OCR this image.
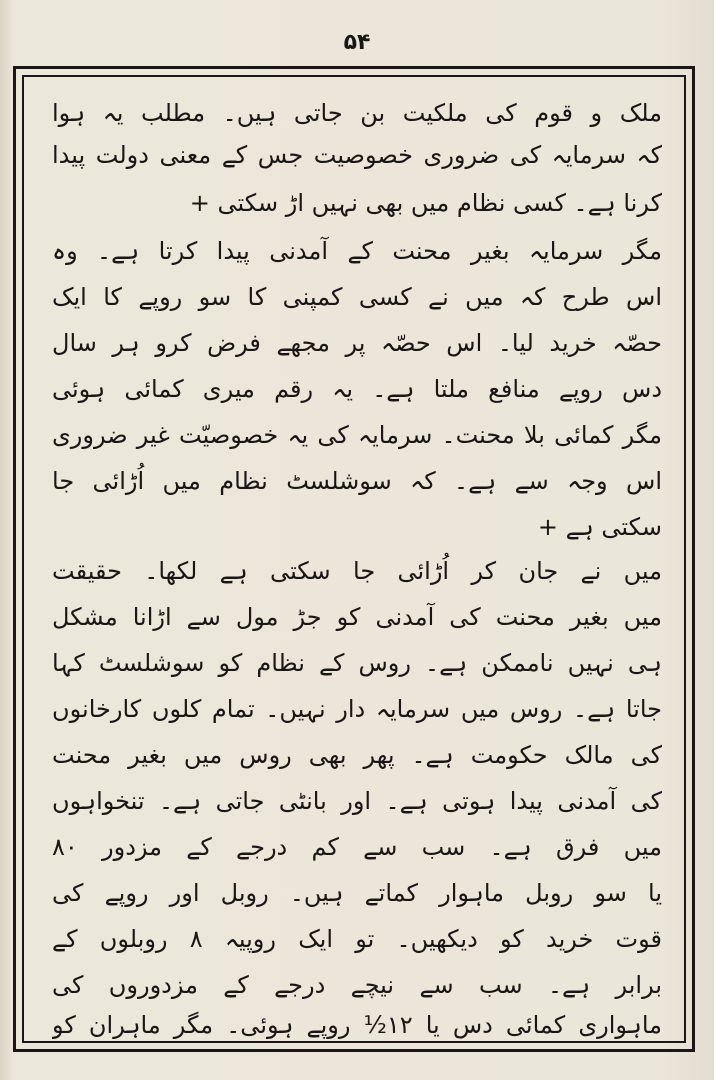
۵۴
ملک و قوم کی ملکیت بن جاتی ہیں۔ مطلب یہ ہوا
کہ سرمایہ کی ضروری خصوصیت جس کے معنی دولت پیدا
کرنا ہے۔ کسی نظام میں بھی نہیں اڑ سکتی +
مگر سرمایہ بغیر محنت کے آمدنی پیدا کرتا ہے۔ وہ
اس طرح کہ میں نے کسی کمپنی کا سو روپے کا ایک
حصّہ خرید لیا۔ اس حصّہ پر مجھے فرض کرو ہر سال
دس روپے منافع ملتا ہے۔ یہ رقم میری کمائی ہوئی
مگر کمائی بلا محنت۔ سرمایہ کی یہ خصوصیّت غیر ضروری
اس وجہ سے ہے۔ کہ سوشلسٹ نظام میں اُڑائی جا
سکتی ہے +
میں نے جان کر اُڑائی جا سکتی ہے لکھا۔ حقیقت
میں بغیر محنت کی آمدنی کو جڑ مول سے اڑانا مشکل
ہی نہیں ناممکن ہے۔ روس کے نظام کو سوشلسٹ کہا
جاتا ہے۔ روس میں سرمایہ دار نہیں۔ تمام کلوں کارخانوں
کی مالک حکومت ہے۔ پھر بھی روس میں بغیر محنت
کی آمدنی پیدا ہوتی ہے۔ اور بانٹی جاتی ہے۔ تنخواہوں
میں فرق ہے۔ سب سے کم درجے کے مزدور ۸۰
یا سو روبل ماہوار کماتے ہیں۔ روبل اور روپے کی
قوت خرید کو دیکھیں۔ تو ایک روپیہ ۸ روبلوں کے
برابر ہے۔ سب سے نیچے درجے کے مزدوروں کی
ماہواری کمائی دس یا ۱۲½ روپے ہوئی۔ مگر ماہران کو
